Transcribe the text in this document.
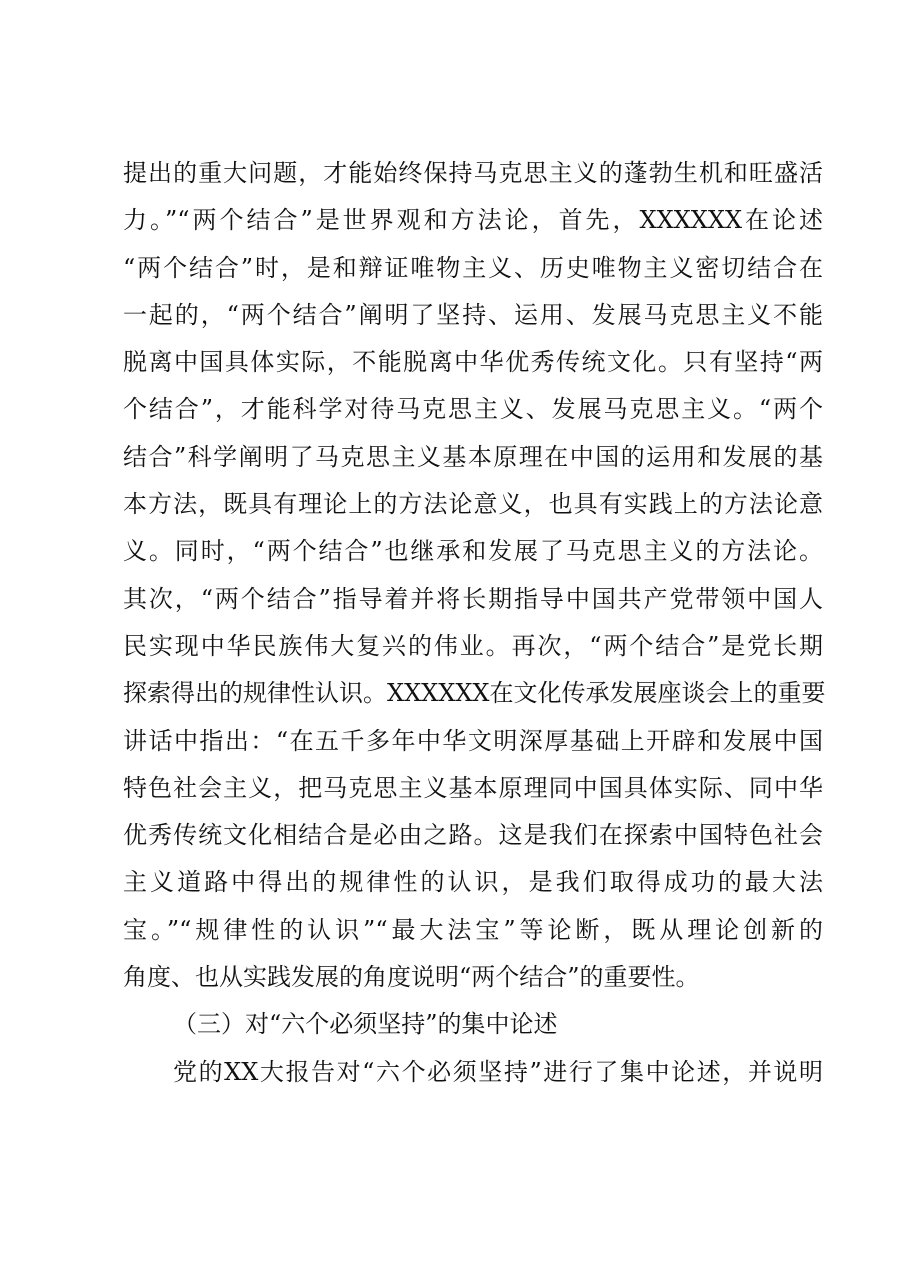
提出的重大问题，才能始终保持马克思主义的蓬勃生机和旺盛活
力。”“两个结合”是世界观和方法论，首先，XXXXXX在论述
“两个结合”时，是和辩证唯物主义、历史唯物主义密切结合在
一起的，“两个结合”阐明了坚持、运用、发展马克思主义不能
脱离中国具体实际，不能脱离中华优秀传统文化。只有坚持“两
个结合”，才能科学对待马克思主义、发展马克思主义。“两个
结合”科学阐明了马克思主义基本原理在中国的运用和发展的基
本方法，既具有理论上的方法论意义，也具有实践上的方法论意
义。同时，“两个结合”也继承和发展了马克思主义的方法论。
其次，“两个结合”指导着并将长期指导中国共产党带领中国人
民实现中华民族伟大复兴的伟业。再次，“两个结合”是党长期
探索得出的规律性认识。XXXXXX在文化传承发展座谈会上的重要
讲话中指出：“在五千多年中华文明深厚基础上开辟和发展中国
特色社会主义，把马克思主义基本原理同中国具体实际、同中华
优秀传统文化相结合是必由之路。这是我们在探索中国特色社会
主义道路中得出的规律性的认识，是我们取得成功的最大法
宝。”“规律性的认识”“最大法宝”等论断，既从理论创新的
角度、也从实践发展的角度说明“两个结合”的重要性。
（三）对“六个必须坚持”的集中论述
党的XX大报告对“六个必须坚持”进行了集中论述，并说明
